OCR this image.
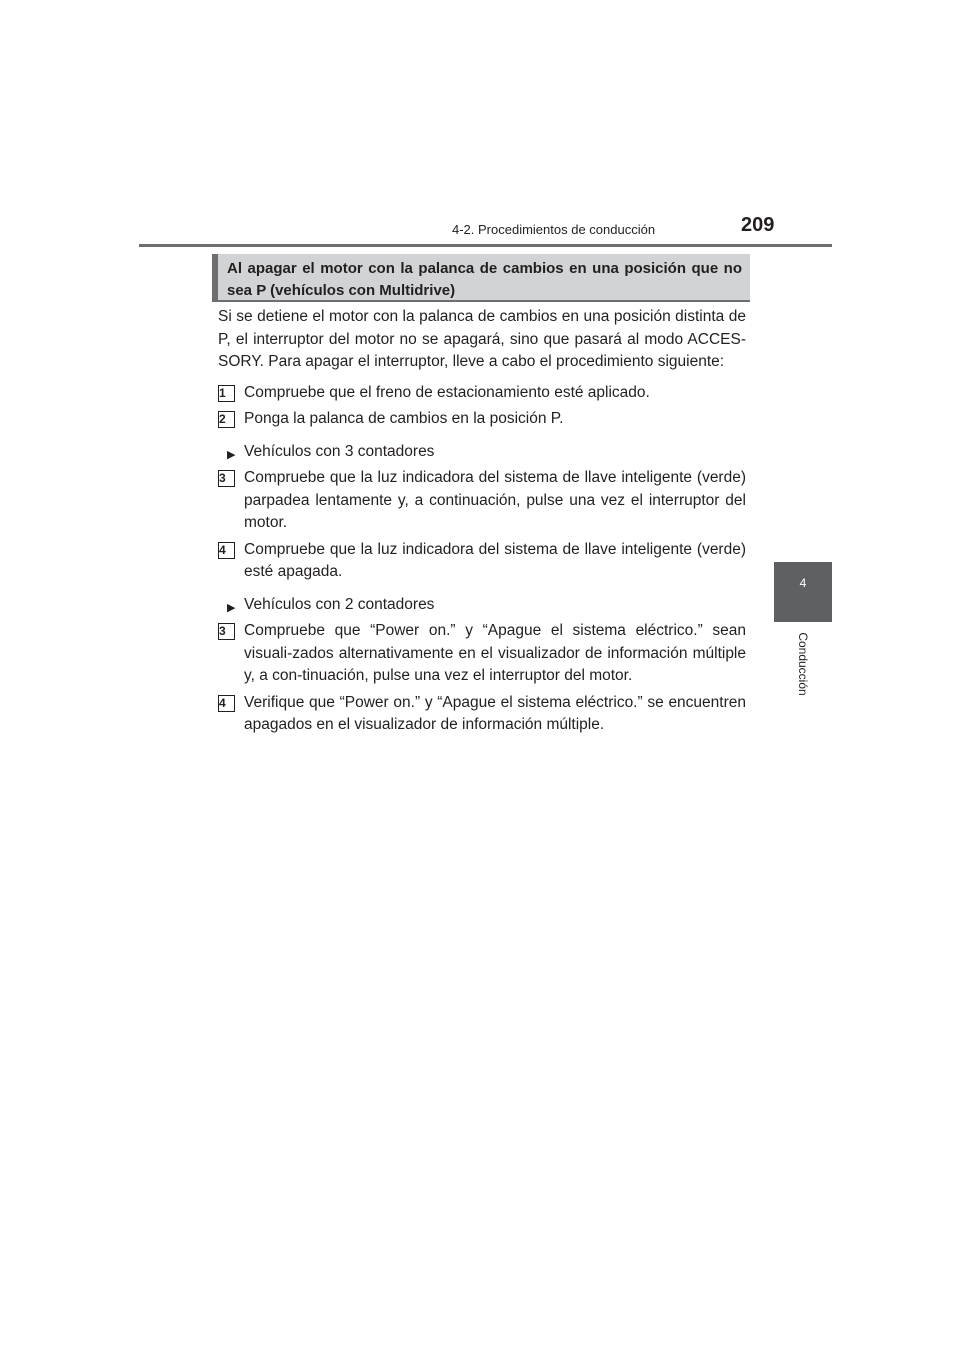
4-2. Procedimientos de conducción	209
4
Conducción
Al apagar el motor con la palanca de cambios en una posición que no sea P (vehículos con Multidrive)

Si se detiene el motor con la palanca de cambios en una posición distinta de P, el interruptor del motor no se apagará, sino que pasará al modo ACCES-SORY. Para apagar el interruptor, lleve a cabo el procedimiento siguiente:

1	Compruebe que el freno de estacionamiento esté aplicado.
2	Ponga la palanca de cambios en la posición P.
▶ Vehículos con 3 contadores
3	Compruebe que la luz indicadora del sistema de llave inteligente (verde) parpadea lentamente y, a continuación, pulse una vez el interruptor del motor.
4	Compruebe que la luz indicadora del sistema de llave inteligente (verde) esté apagada.
▶ Vehículos con 2 contadores
3	Compruebe que “Power on.” y “Apague el sistema eléctrico.” sean visuali-zados alternativamente en el visualizador de información múltiple y, a con-tinuación, pulse una vez el interruptor del motor.
4	Verifique que “Power on.” y “Apague el sistema eléctrico.” se encuentren apagados en el visualizador de información múltiple.
